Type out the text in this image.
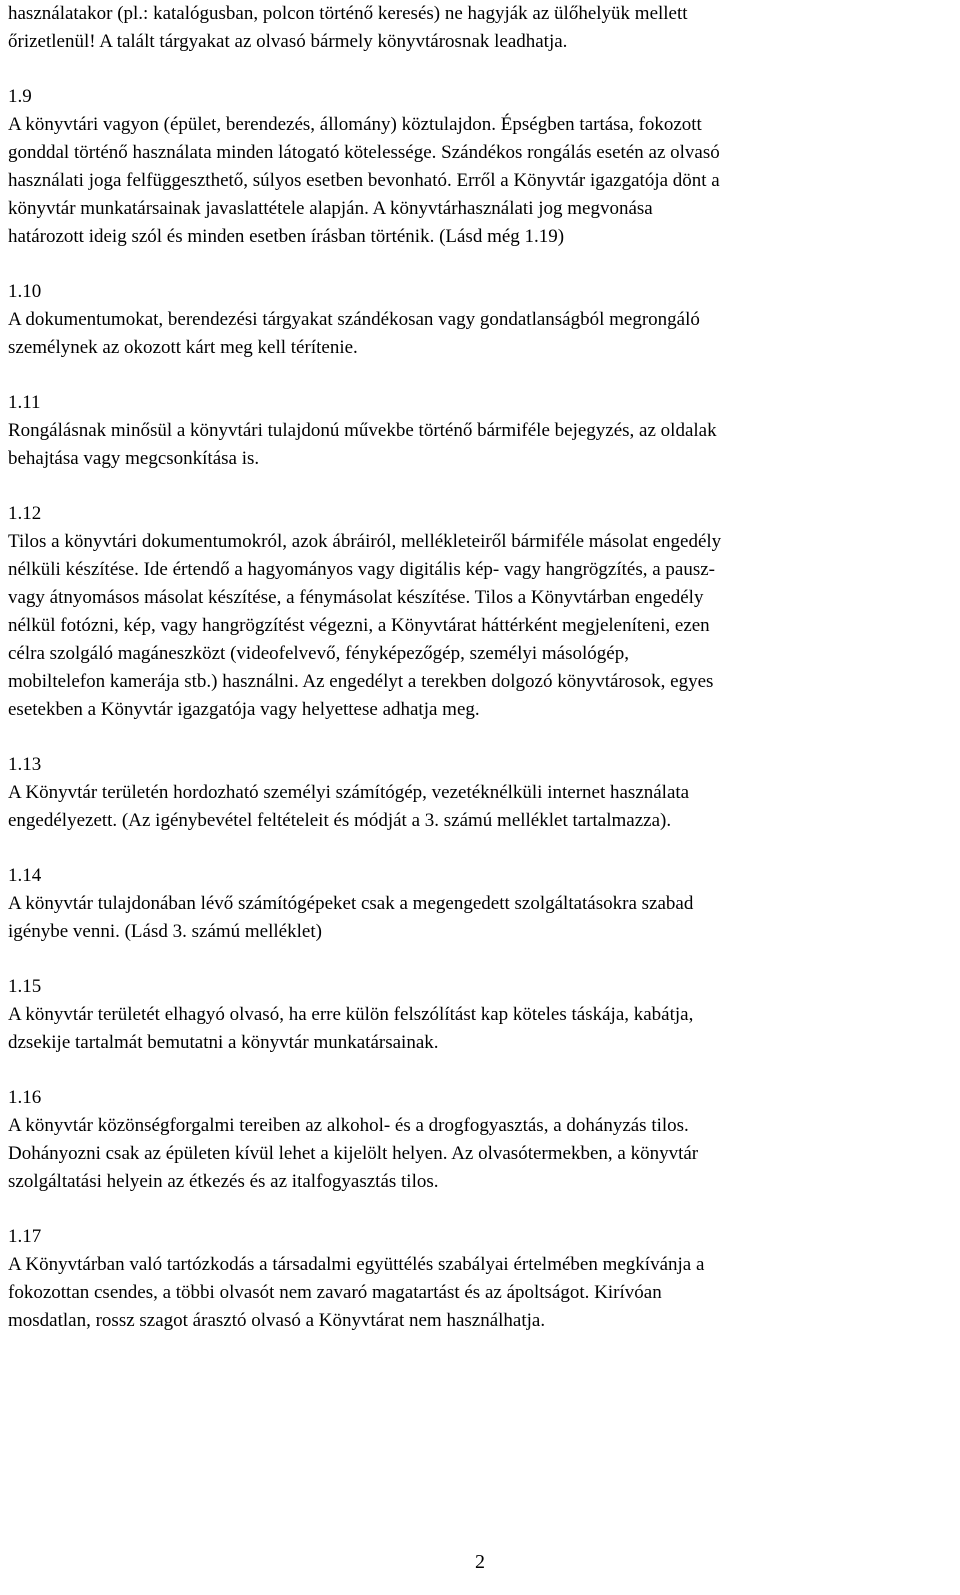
használatakor (pl.: katalógusban, polcon történő keresés) ne hagyják az ülőhelyük mellett
őrizetlenül! A talált tárgyakat az olvasó bármely könyvtárosnak leadhatja.
1.9
A könyvtári vagyon (épület, berendezés, állomány) köztulajdon. Épségben tartása, fokozott
gonddal történő használata minden látogató kötelessége. Szándékos rongálás esetén az olvasó
használati joga felfüggeszthető, súlyos esetben bevonható. Erről a Könyvtár igazgatója dönt a
könyvtár munkatársainak javaslattétele alapján. A könyvtárhasználati jog megvonása
határozott ideig szól és minden esetben írásban történik. (Lásd még 1.19)
1.10
A dokumentumokat, berendezési tárgyakat szándékosan vagy gondatlanságból megrongáló
személynek az okozott kárt meg kell térítenie.
1.11
Rongálásnak minősül a könyvtári tulajdonú művekbe történő bármiféle bejegyzés, az oldalak
behajtása vagy megcsonkítása is.
1.12
Tilos a könyvtári dokumentumokról, azok ábráiról, mellékleteiről bármiféle másolat engedély
nélküli készítése. Ide értendő a hagyományos vagy digitális kép- vagy hangrögzítés, a pausz-
vagy átnyomásos másolat készítése, a fénymásolat készítése. Tilos a Könyvtárban engedély
nélkül fotózni, kép, vagy hangrögzítést végezni, a Könyvtárat háttérként megjeleníteni, ezen
célra szolgáló magáneszközt (videofelvevő, fényképezőgép, személyi másológép,
mobiltelefon kamerája stb.) használni. Az engedélyt a terekben dolgozó könyvtárosok, egyes
esetekben a Könyvtár igazgatója vagy helyettese adhatja meg.
1.13
A Könyvtár területén hordozható személyi számítógép, vezetéknélküli internet használata
engedélyezett. (Az igénybevétel feltételeit és módját a 3. számú melléklet tartalmazza).
1.14
A könyvtár tulajdonában lévő számítógépeket csak a megengedett szolgáltatásokra szabad
igénybe venni. (Lásd 3. számú melléklet)
1.15
A könyvtár területét elhagyó olvasó, ha erre külön felszólítást kap köteles táskája, kabátja,
dzsekije tartalmát bemutatni a könyvtár munkatársainak.
1.16
A könyvtár közönségforgalmi tereiben az alkohol- és a drogfogyasztás, a dohányzás tilos.
Dohányozni csak az épületen kívül lehet a kijelölt helyen. Az olvasótermekben, a könyvtár
szolgáltatási helyein az étkezés és az italfogyasztás tilos.
1.17
A Könyvtárban való tartózkodás a társadalmi együttélés szabályai értelmében megkívánja a
fokozottan csendes, a többi olvasót nem zavaró magatartást és az ápoltságot. Kirívóan
mosdatlan, rossz szagot árasztó olvasó a Könyvtárat nem használhatja.
2
